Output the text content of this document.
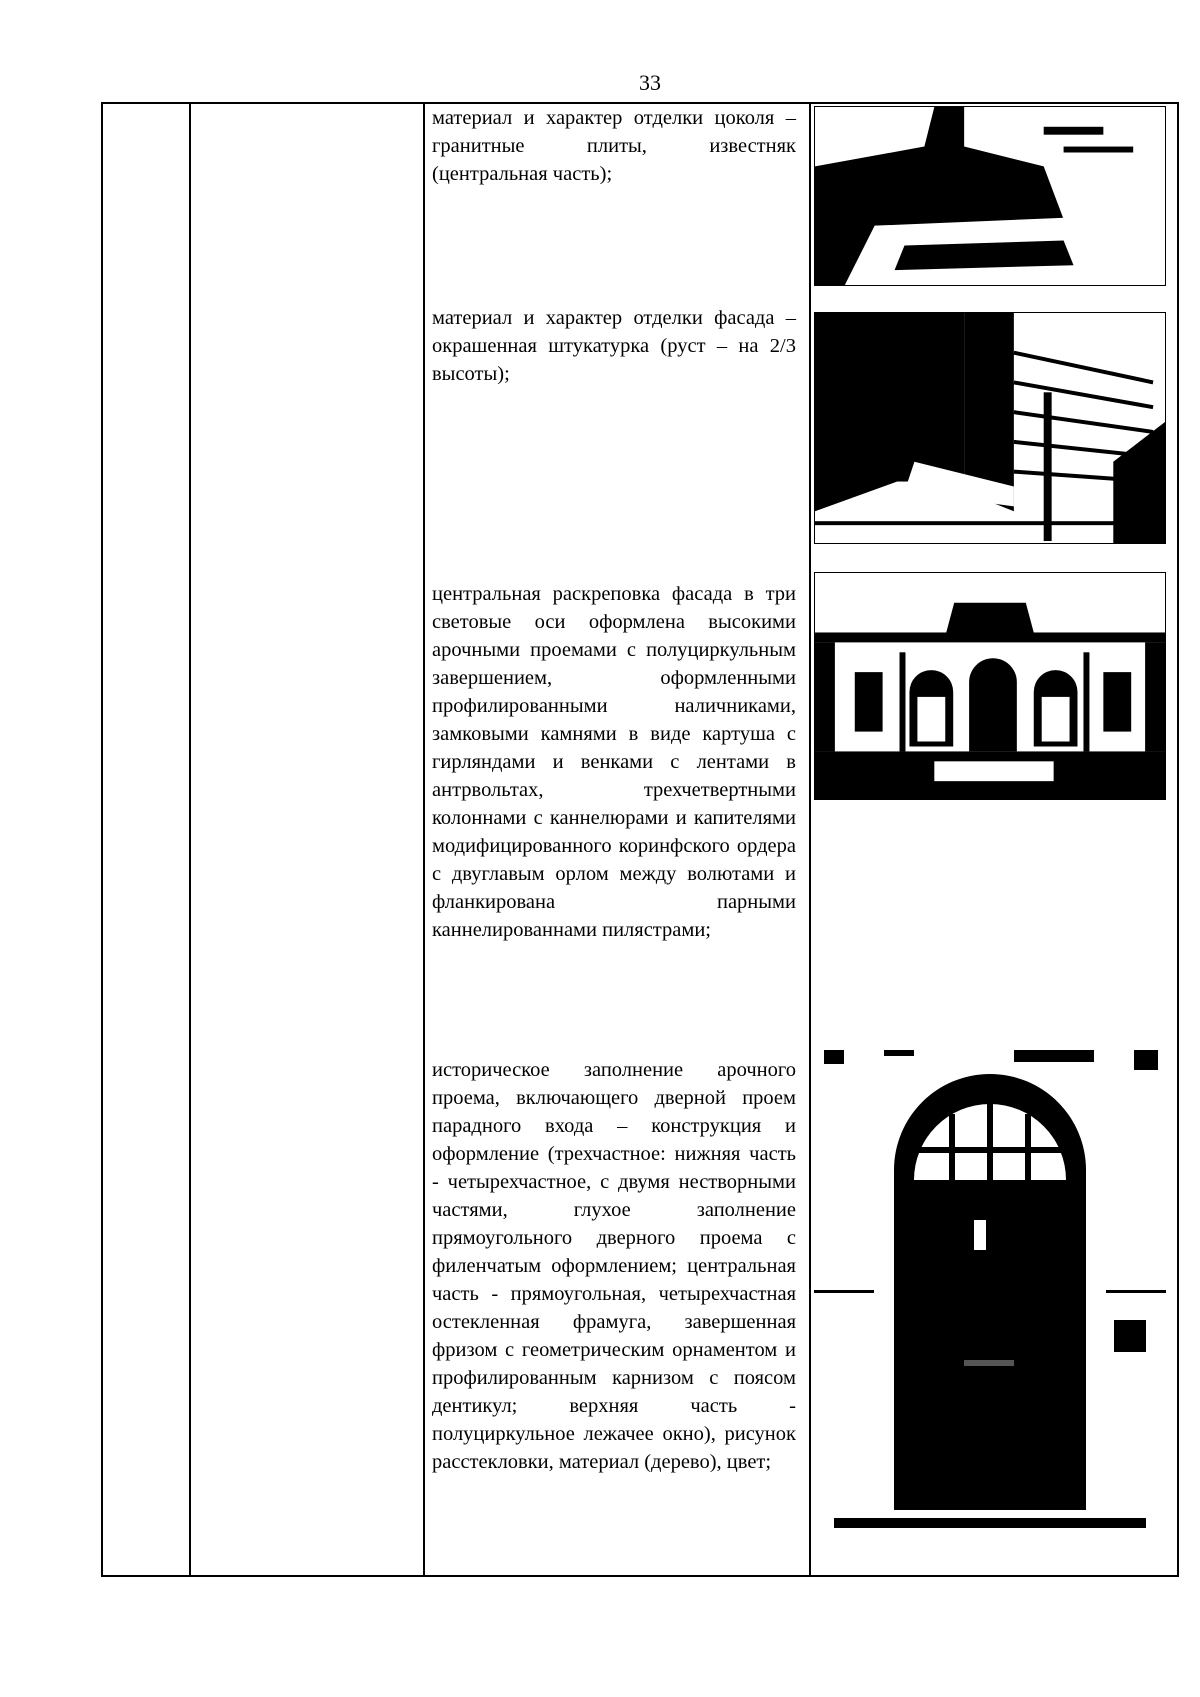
33

материал и характер отделки цоколя – гранитные плиты, известняк (центральная часть);

материал и характер отделки фасада – окрашенная штукатурка (руст – на 2/3 высоты);

центральная раскреповка фасада в три световые оси оформлена высокими арочными проемами с полуциркульным завершением, оформленными профилированными наличниками, замковыми камнями в виде картуша с гирляндами и венками с лентами в антрвольтах, трехчетвертными колоннами с каннелюрами и капителями модифицированного коринфского ордера с двуглавым орлом между волютами и фланкирована парными каннелированнами пилястрами;

историческое заполнение арочного проема, включающего дверной проем парадного входа – конструкция и оформление (трехчастное: нижняя часть - четырехчастное, с двумя нестворными частями, глухое заполнение прямоугольного дверного проема с филенчатым оформлением; центральная часть - прямоугольная, четырехчастная остекленная фрамуга, завершенная фризом с геометрическим орнаментом и профилированным карнизом с поясом дентикул; верхняя часть - полуциркульное лежачее окно), рисунок расстекловки, материал (дерево), цвет;
